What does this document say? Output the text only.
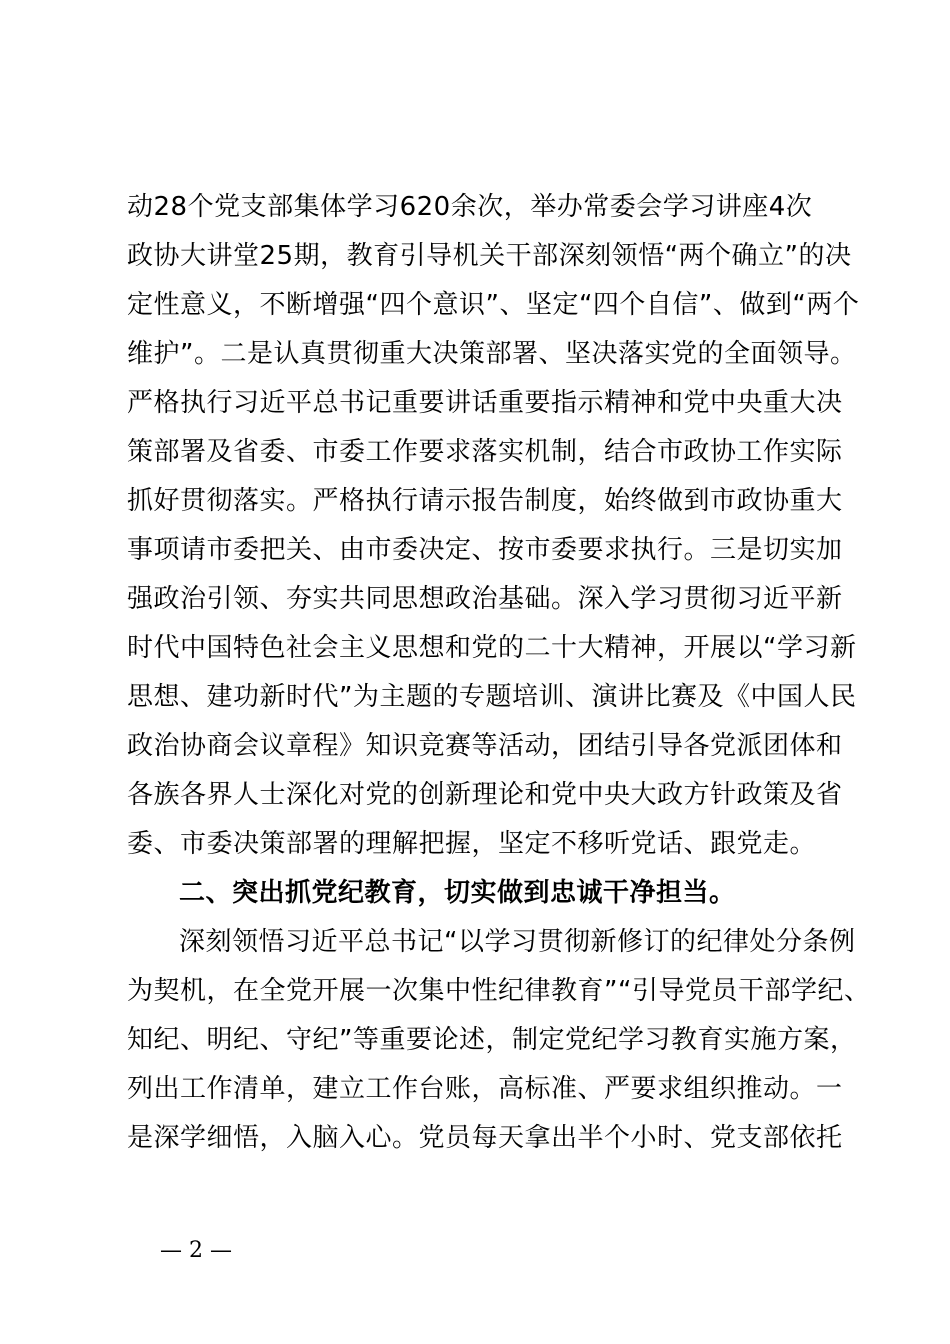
动28个党支部集体学习620余次，举办常委会学习讲座4次
政协大讲堂25期，教育引导机关干部深刻领悟“两个确立”的决
定性意义，不断增强“四个意识”、坚定“四个自信”、做到“两个
维护”。二是认真贯彻重大决策部署、坚决落实党的全面领导。
严格执行习近平总书记重要讲话重要指示精神和党中央重大决
策部署及省委、市委工作要求落实机制，结合市政协工作实际
抓好贯彻落实。严格执行请示报告制度，始终做到市政协重大
事项请市委把关、由市委决定、按市委要求执行。三是切实加
强政治引领、夯实共同思想政治基础。深入学习贯彻习近平新
时代中国特色社会主义思想和党的二十大精神，开展以“学习新
思想、建功新时代”为主题的专题培训、演讲比赛及《中国人民
政治协商会议章程》知识竞赛等活动，团结引导各党派团体和
各族各界人士深化对党的创新理论和党中央大政方针政策及省
委、市委决策部署的理解把握，坚定不移听党话、跟党走。
二、突出抓党纪教育，切实做到忠诚干净担当。
深刻领悟习近平总书记“以学习贯彻新修订的纪律处分条例
为契机，在全党开展一次集中性纪律教育”“引导党员干部学纪、
知纪、明纪、守纪”等重要论述，制定党纪学习教育实施方案，
列出工作清单，建立工作台账，高标准、严要求组织推动。一
是深学细悟，入脑入心。党员每天拿出半个小时、党支部依托
— 2 —
